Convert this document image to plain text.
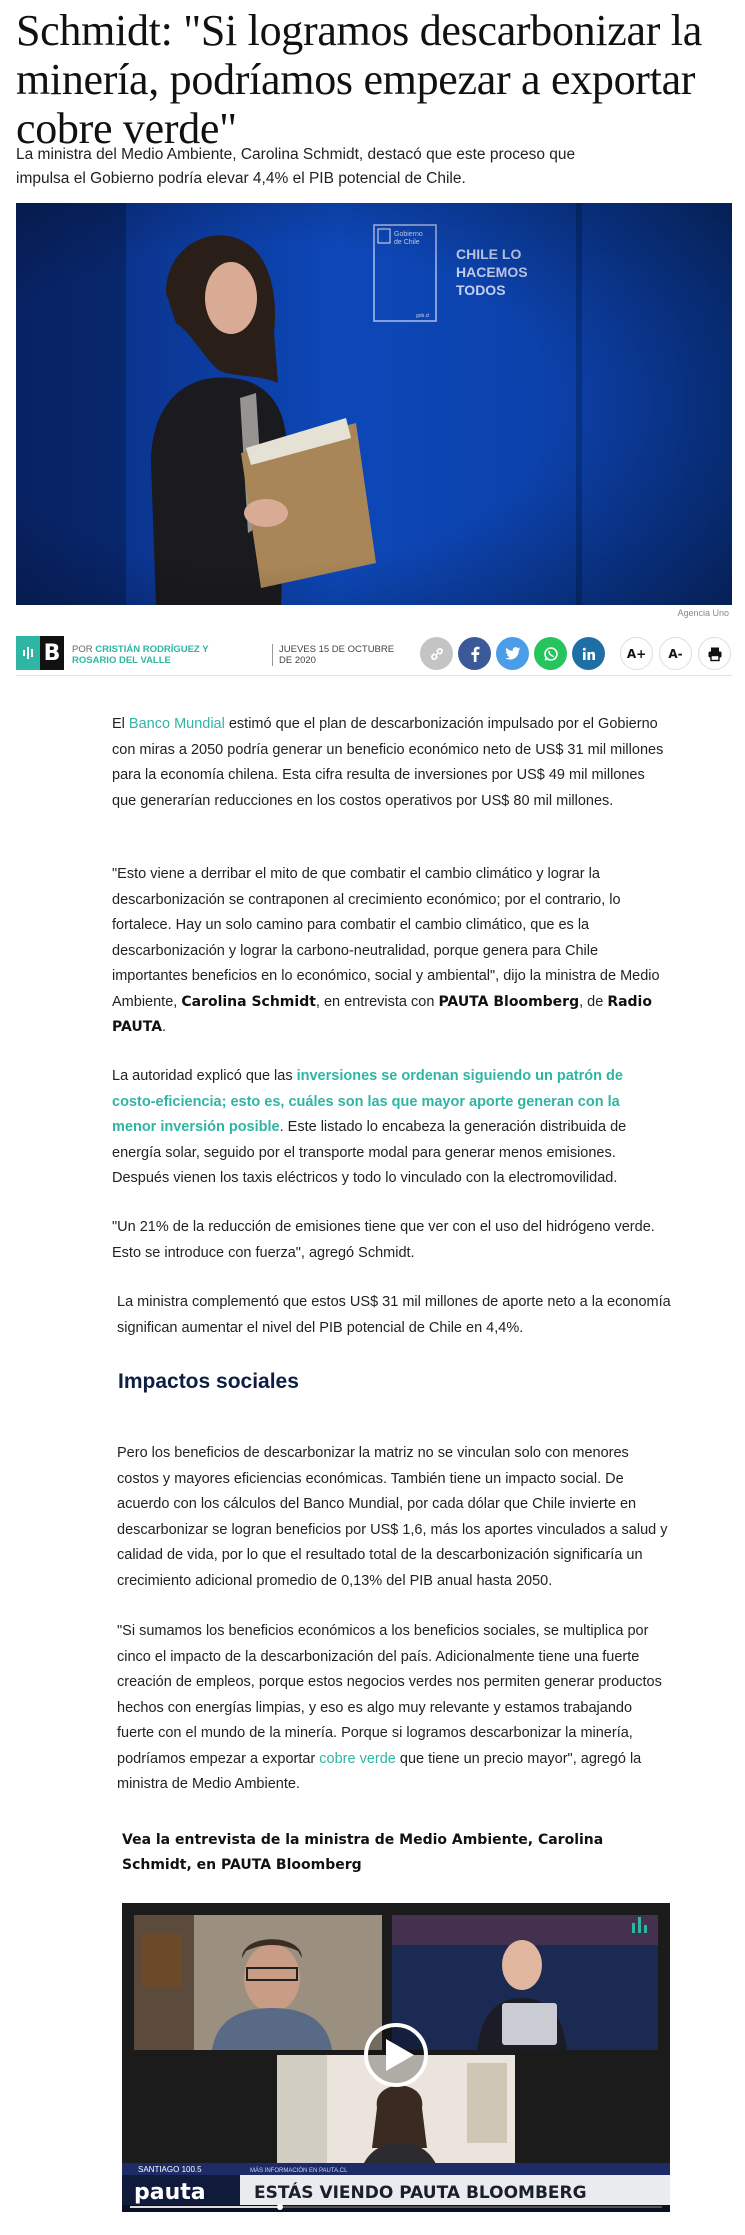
Schmidt: "Si logramos descarbonizar la minería, podríamos empezar a exportar cobre verde"

La ministra del Medio Ambiente, Carolina Schmidt, destacó que este proceso que impulsa el Gobierno podría elevar 4,4% el PIB potencial de Chile.

Agencia Uno
B	POR CRISTIÁN RODRÍGUEZ Y ROSARIO DEL VALLE
JUEVES 15 DE OCTUBRE DE 2020	A+	A-

El Banco Mundial estimó que el plan de descarbonización impulsado por el Gobierno con miras a 2050 podría generar un beneficio económico neto de US$ 31 mil millones para la economía chilena. Esta cifra resulta de inversiones por US$ 49 mil millones que generarían reducciones en los costos operativos por US$ 80 mil millones.

"Esto viene a derribar el mito de que combatir el cambio climático y lograr la descarbonización se contraponen al crecimiento económico; por el contrario, lo fortalece. Hay un solo camino para combatir el cambio climático, que es la descarbonización y lograr la carbono-neutralidad, porque genera para Chile importantes beneficios en lo económico, social y ambiental", dijo la ministra de Medio Ambiente, Carolina Schmidt, en entrevista con PAUTA Bloomberg, de Radio PAUTA.

La autoridad explicó que las inversiones se ordenan siguiendo un patrón de costo-eficiencia; esto es, cuáles son las que mayor aporte generan con la menor inversión posible. Este listado lo encabeza la generación distribuida de energía solar, seguido por el transporte modal para generar menos emisiones. Después vienen los taxis eléctricos y todo lo vinculado con la electromovilidad.

"Un 21% de la reducción de emisiones tiene que ver con el uso del hidrógeno verde. Esto se introduce con fuerza", agregó Schmidt.

La ministra complementó que estos US$ 31 mil millones de aporte neto a la economía significan aumentar el nivel del PIB potencial de Chile en 4,4%.

Impactos sociales

Pero los beneficios de descarbonizar la matriz no se vinculan solo con menores costos y mayores eficiencias económicas. También tiene un impacto social. De acuerdo con los cálculos del Banco Mundial, por cada dólar que Chile invierte en descarbonizar se logran beneficios por US$ 1,6, más los aportes vinculados a salud y calidad de vida, por lo que el resultado total de la descarbonización significaría un crecimiento adicional promedio de 0,13% del PIB anual hasta 2050.

"Si sumamos los beneficios económicos a los beneficios sociales, se multiplica por cinco el impacto de la descarbonización del país. Adicionalmente tiene una fuerte creación de empleos, porque estos negocios verdes nos permiten generar productos hechos con energías limpias, y eso es algo muy relevante y estamos trabajando fuerte con el mundo de la minería. Porque si logramos descarbonizar la minería, podríamos empezar a exportar cobre verde que tiene un precio mayor", agregó la ministra de Medio Ambiente.

Vea la entrevista de la ministra de Medio Ambiente, Carolina Schmidt, en PAUTA Bloomberg
SANTIAGO 100.5	MÁS INFORMACIÓN EN PAUTA.CL
pauta	ESTÁS VIENDO PAUTA BLOOMBERG
